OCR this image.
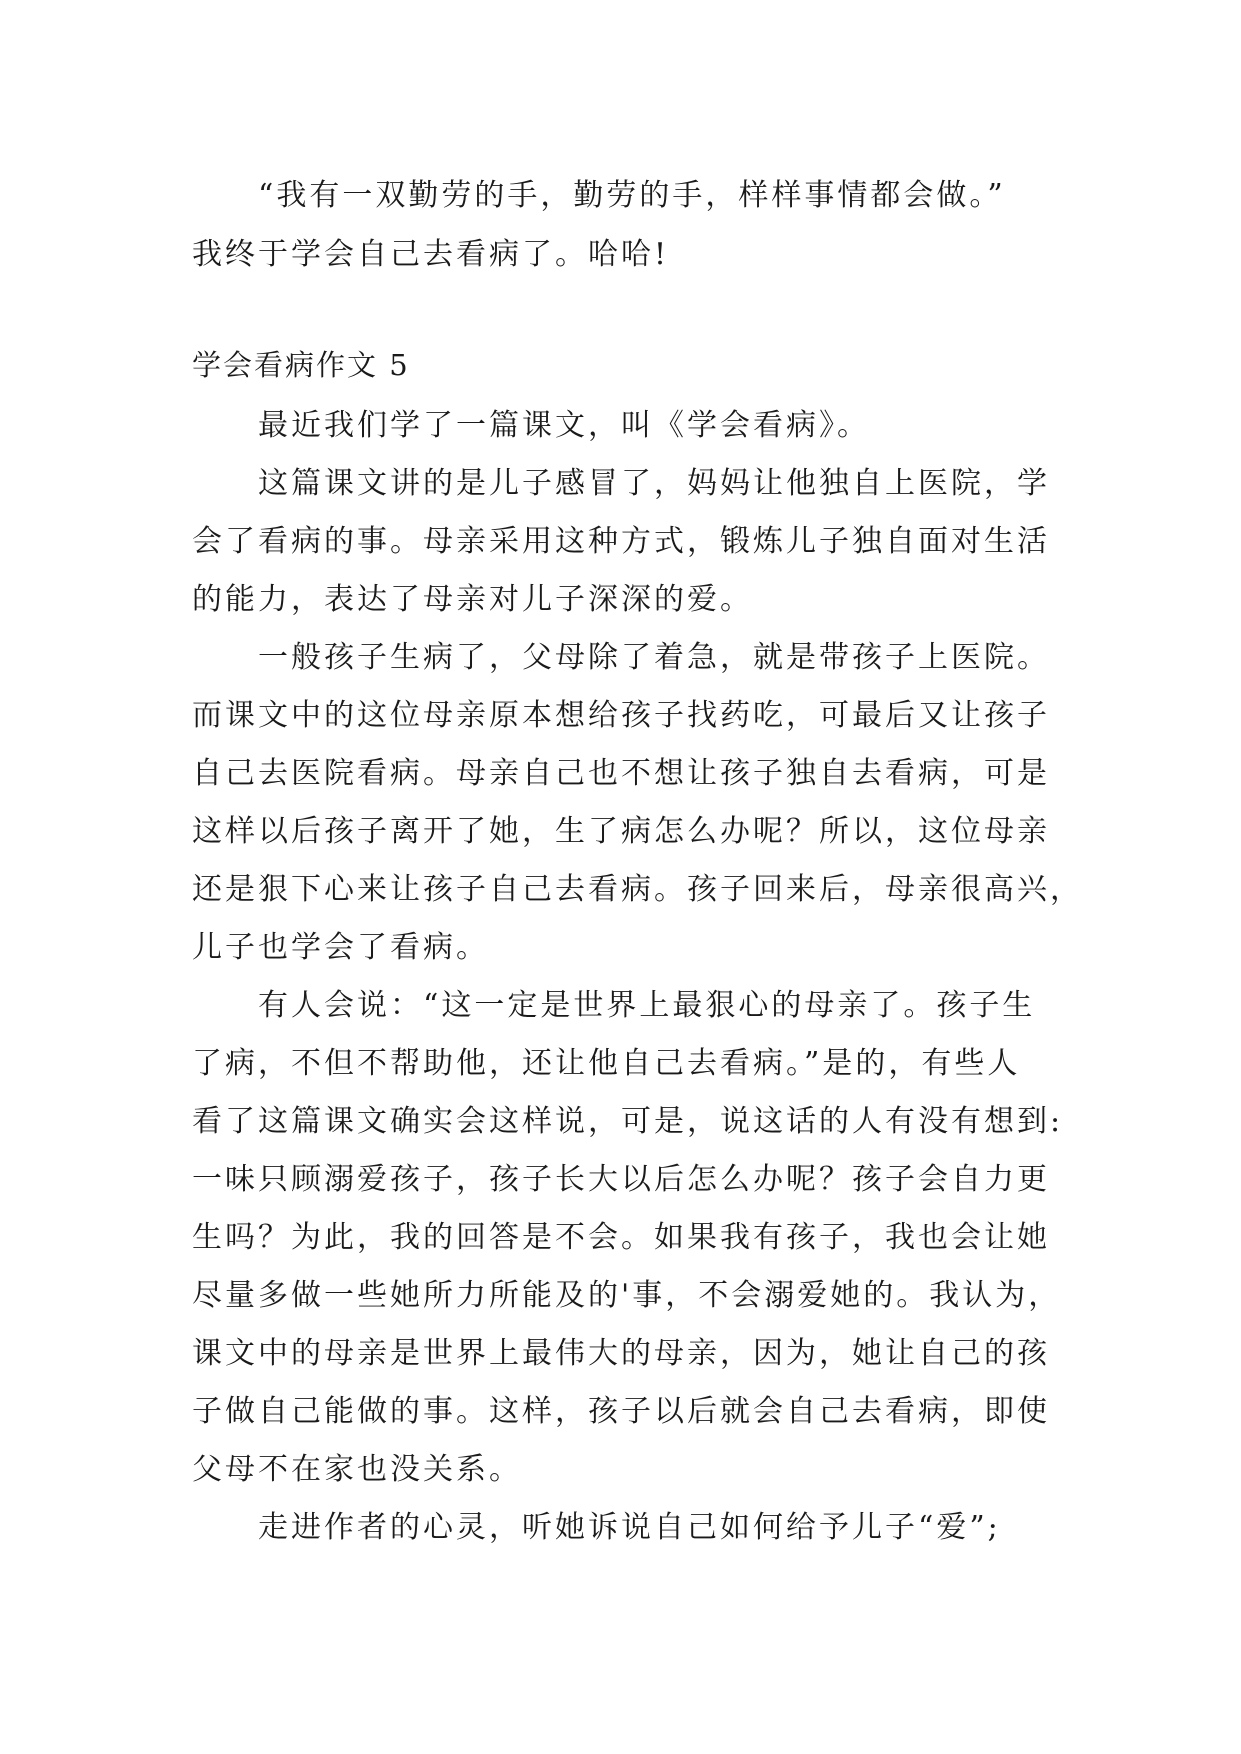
“我有一双勤劳的手，勤劳的手，样样事情都会做。”
我终于学会自己去看病了。哈哈!
学会看病作文 5
最近我们学了一篇课文，叫《学会看病》。
这篇课文讲的是儿子感冒了，妈妈让他独自上医院，学
会了看病的事。母亲采用这种方式，锻炼儿子独自面对生活
的能力，表达了母亲对儿子深深的爱。
一般孩子生病了，父母除了着急，就是带孩子上医院。
而课文中的这位母亲原本想给孩子找药吃，可最后又让孩子
自己去医院看病。母亲自己也不想让孩子独自去看病，可是
这样以后孩子离开了她，生了病怎么办呢？所以，这位母亲
还是狠下心来让孩子自己去看病。孩子回来后，母亲很高兴，
儿子也学会了看病。
有人会说：“这一定是世界上最狠心的母亲了。孩子生
了病，不但不帮助他，还让他自己去看病。”是的，有些人
看了这篇课文确实会这样说，可是，说这话的人有没有想到:
一味只顾溺爱孩子，孩子长大以后怎么办呢？孩子会自力更
生吗？为此，我的回答是不会。如果我有孩子，我也会让她
尽量多做一些她所力所能及的'事，不会溺爱她的。我认为，
课文中的母亲是世界上最伟大的母亲，因为，她让自己的孩
子做自己能做的事。这样，孩子以后就会自己去看病，即使
父母不在家也没关系。
走进作者的心灵，听她诉说自己如何给予儿子“爱”;
